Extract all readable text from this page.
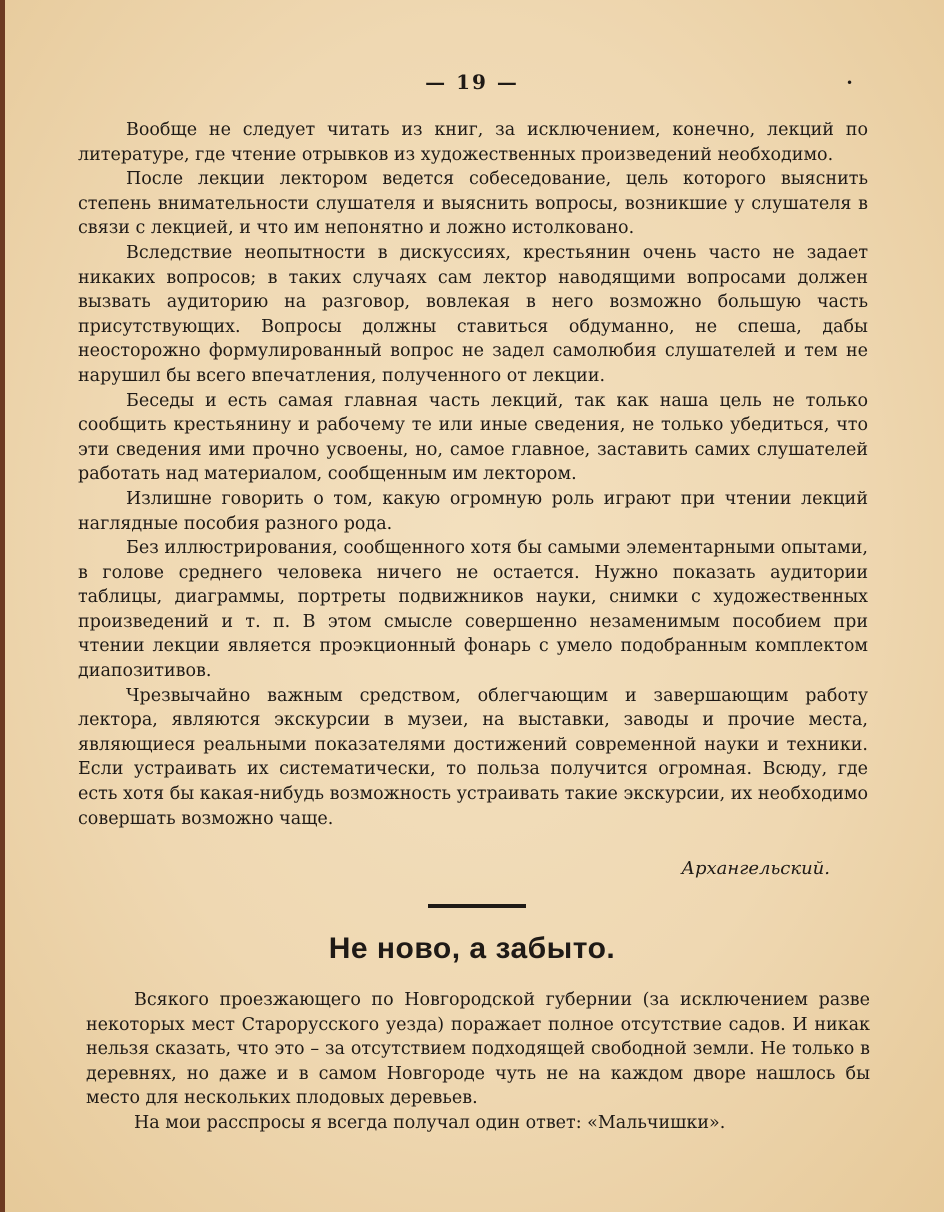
— 19 —	•

Вообще не следует читать из книг, за исключением, конечно, лекций по литературе, где чтение отрывков из художественных произведений необходимо.

После лекции лектором ведется собеседование, цель которого выяснить степень внимательности слушателя и выяснить вопросы, возникшие у слушателя в связи с лекцией, и что им непонятно и ложно истолковано.

Вследствие неопытности в дискуссиях, крестьянин очень часто не задает никаких вопросов; в таких случаях сам лектор наводящими вопросами должен вызвать аудиторию на разговор, вовлекая в него возможно большую часть присутствующих. Вопросы должны ставиться обдуманно, не спеша, дабы неосторожно формулированный вопрос не задел самолюбия слушателей и тем не нарушил бы всего впечатления, полученного от лекции.

Беседы и есть самая главная часть лекций, так как наша цель не только сообщить крестьянину и рабочему те или иные сведения, не только убедиться, что эти сведения ими прочно усвоены, но, самое главное, заставить самих слушателей работать над материалом, сообщенным им лектором.

Излишне говорить о том, какую огромную роль играют при чтении лекций наглядные пособия разного рода.

Без иллюстрирования, сообщенного хотя бы самыми элементарными опытами, в голове среднего человека ничего не остается. Нужно показать аудитории таблицы, диаграммы, портреты подвижников науки, снимки с художественных произведений и т. п. В этом смысле совершенно незаменимым пособием при чтении лекции является проэкционный фонарь с умело подобранным комплектом диапозитивов.

Чрезвычайно важным средством, облегчающим и завершающим работу лектора, являются экскурсии в музеи, на выставки, заводы и прочие места, являющиеся реальными показателями достижений современной науки и техники. Если устраивать их систематически, то польза получится огромная. Всюду, где есть хотя бы какая-нибудь возможность устраивать такие экскурсии, их необходимо совершать возможно чаще.

Архангельский.
Не ново, а забыто.

Всякого проезжающего по Новгородской губернии (за исключением разве некоторых мест Старорусского уезда) поражает полное отсутствие садов. И никак нельзя сказать, что это – за отсутствием подходящей свободной земли. Не только в деревнях, но даже и в самом Новгороде чуть не на каждом дворе нашлось бы место для нескольких плодовых деревьев.

На мои расспросы я всегда получал один ответ: «Мальчишки».
